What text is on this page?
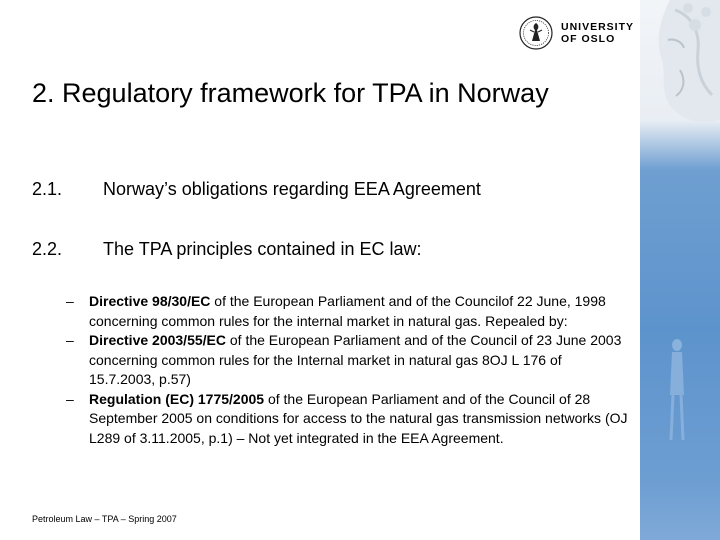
UNIVERSITY
OF OSLO
2. Regulatory framework for TPA in Norway
2.1.	Norway’s obligations regarding EEA Agreement
2.2.	The TPA principles contained in EC law:
–	Directive 98/30/EC of the European Parliament and of the Councilof 22 June, 1998 concerning common rules for the internal market in natural gas. Repealed by:
–	Directive 2003/55/EC of the European Parliament and of the Council of 23 June 2003 concerning common rules for the Internal market in natural gas 8OJ L 176 of 15.7.2003, p.57)
–	Regulation (EC) 1775/2005 of the European Parliament and of the Council of 28 September 2005 on conditions for access to the natural gas transmission networks (OJ L289 of 3.11.2005, p.1) – Not yet integrated in the EEA Agreement.
Petroleum Law – TPA – Spring 2007
